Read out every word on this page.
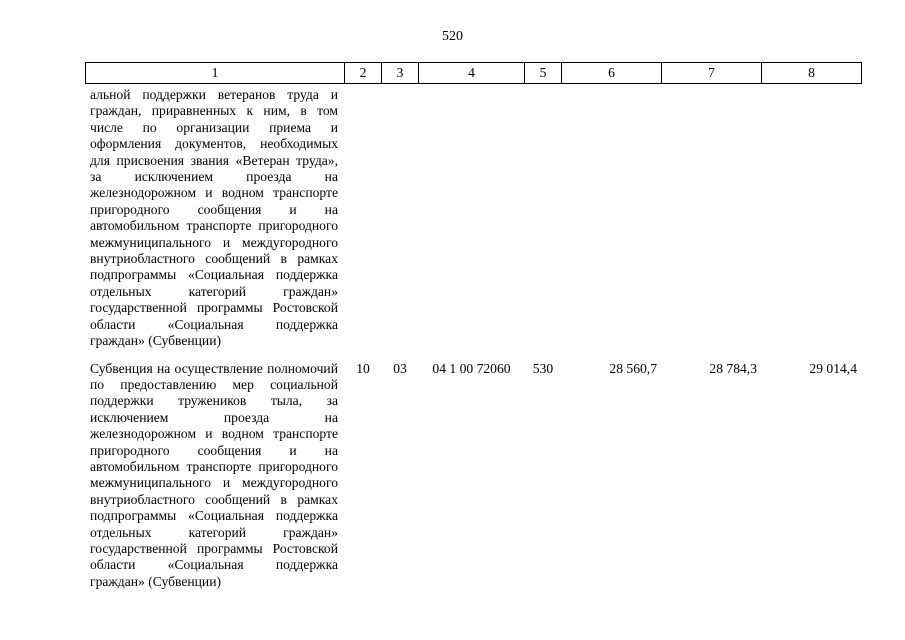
520
1	2	3	4	5	6	7	8
альной поддержки ветеранов труда и граждан, приравненных к ним, в том числе по организации приема и оформления документов, необходимых для присвоения звания «Ветеран труда», за исключением проезда на железнодорожном и водном транспорте пригородного сообщения и на автомобильном транспорте пригородного межмуниципального и междугородного внутриобластного сообщений в рамках подпрограммы «Социальная поддержка отдельных категорий граждан» государственной программы Ростовской области «Социальная поддержка граждан» (Субвенции)							
Субвенция на осуществление полномочий по предоставлению мер социальной поддержки тружеников тыла, за исключением проезда на железнодорожном и водном транспорте пригородного сообщения и на автомобильном транспорте пригородного межмуниципального и междугородного внутриобластного сообщений в рамках подпрограммы «Социальная поддержка отдельных категорий граждан» государственной программы Ростовской области «Социальная поддержка граждан» (Субвенции)	10	03	04 1 00 72060	530	28 560,7	28 784,3	29 014,4
